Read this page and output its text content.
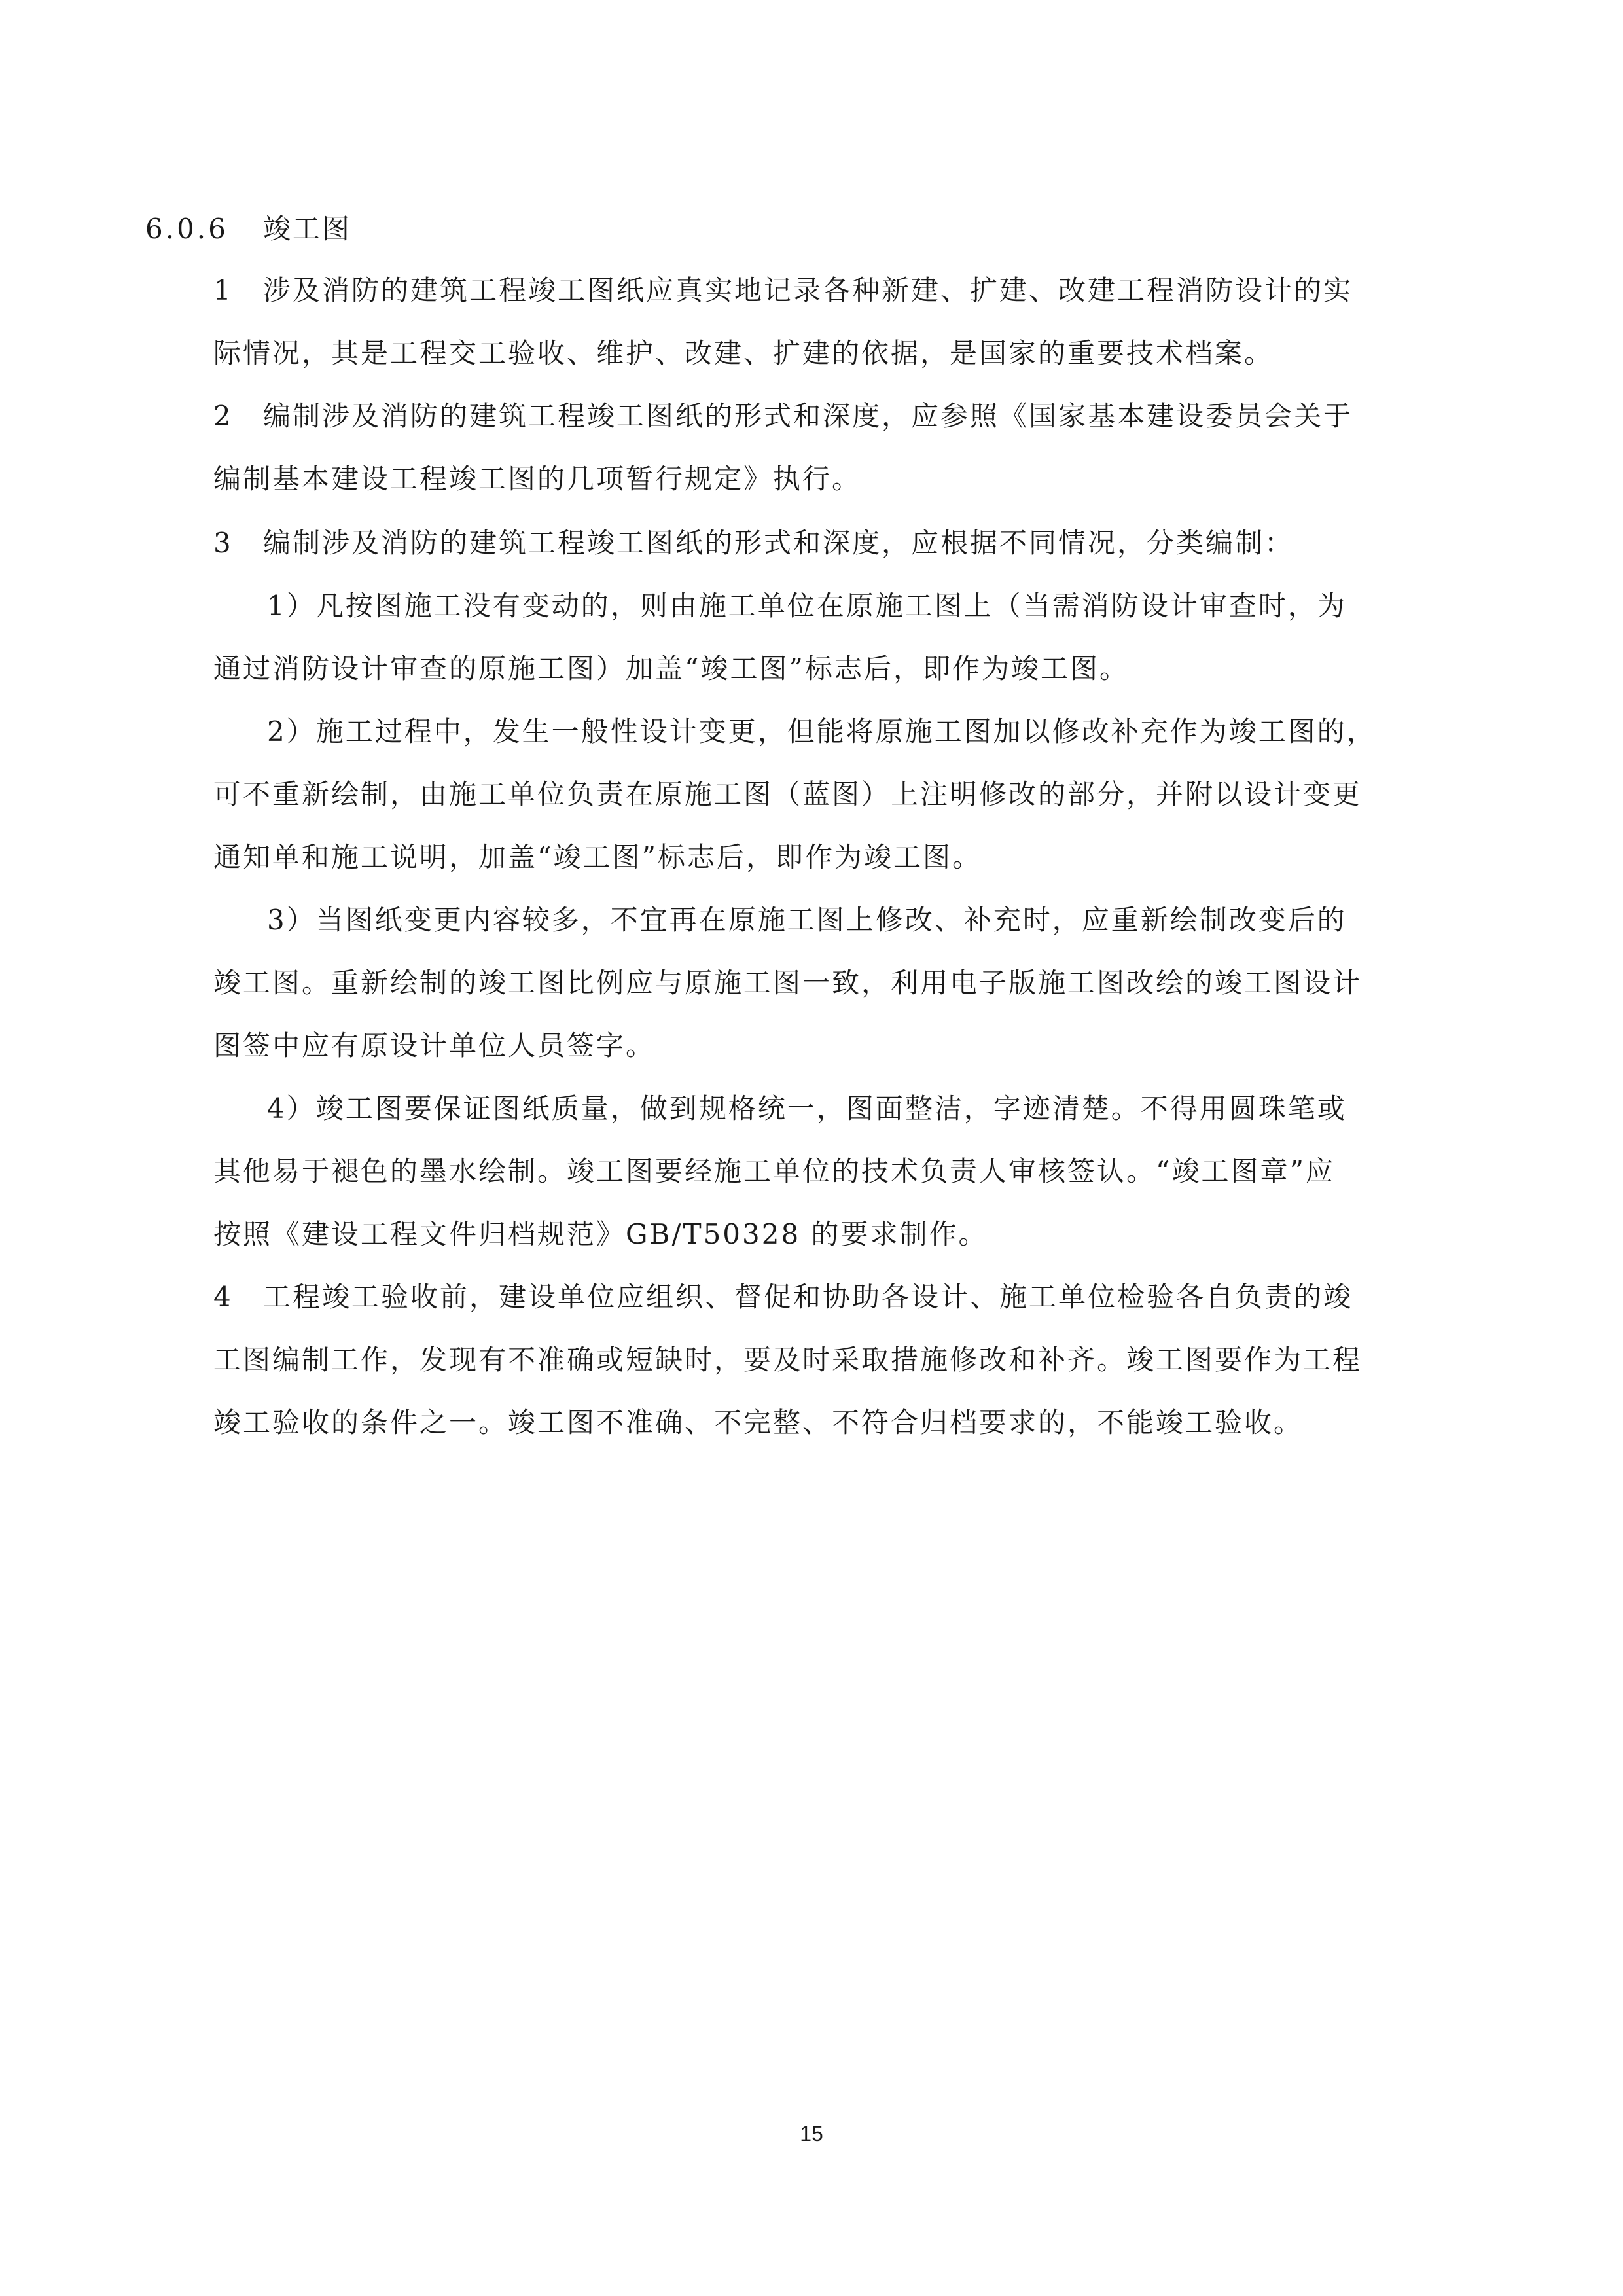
6.0.6 竣工图

1 涉及消防的建筑工程竣工图纸应真实地记录各种新建、扩建、改建工程消防设计的实

际情况，其是工程交工验收、维护、改建、扩建的依据，是国家的重要技术档案。

2 编制涉及消防的建筑工程竣工图纸的形式和深度，应参照《国家基本建设委员会关于

编制基本建设工程竣工图的几项暂行规定》执行。

3 编制涉及消防的建筑工程竣工图纸的形式和深度，应根据不同情况，分类编制：

1）凡按图施工没有变动的，则由施工单位在原施工图上（当需消防设计审查时，为

通过消防设计审查的原施工图）加盖“竣工图”标志后，即作为竣工图。

2）施工过程中，发生一般性设计变更，但能将原施工图加以修改补充作为竣工图的，

可不重新绘制，由施工单位负责在原施工图（蓝图）上注明修改的部分，并附以设计变更

通知单和施工说明，加盖“竣工图”标志后，即作为竣工图。

3）当图纸变更内容较多，不宜再在原施工图上修改、补充时，应重新绘制改变后的

竣工图。重新绘制的竣工图比例应与原施工图一致，利用电子版施工图改绘的竣工图设计

图签中应有原设计单位人员签字。

4）竣工图要保证图纸质量，做到规格统一，图面整洁，字迹清楚。不得用圆珠笔或

其他易于褪色的墨水绘制。竣工图要经施工单位的技术负责人审核签认。“竣工图章”应

按照《建设工程文件归档规范》GB/T50328 的要求制作。

4 工程竣工验收前，建设单位应组织、督促和协助各设计、施工单位检验各自负责的竣

工图编制工作，发现有不准确或短缺时，要及时采取措施修改和补齐。竣工图要作为工程

竣工验收的条件之一。竣工图不准确、不完整、不符合归档要求的，不能竣工验收。

15
